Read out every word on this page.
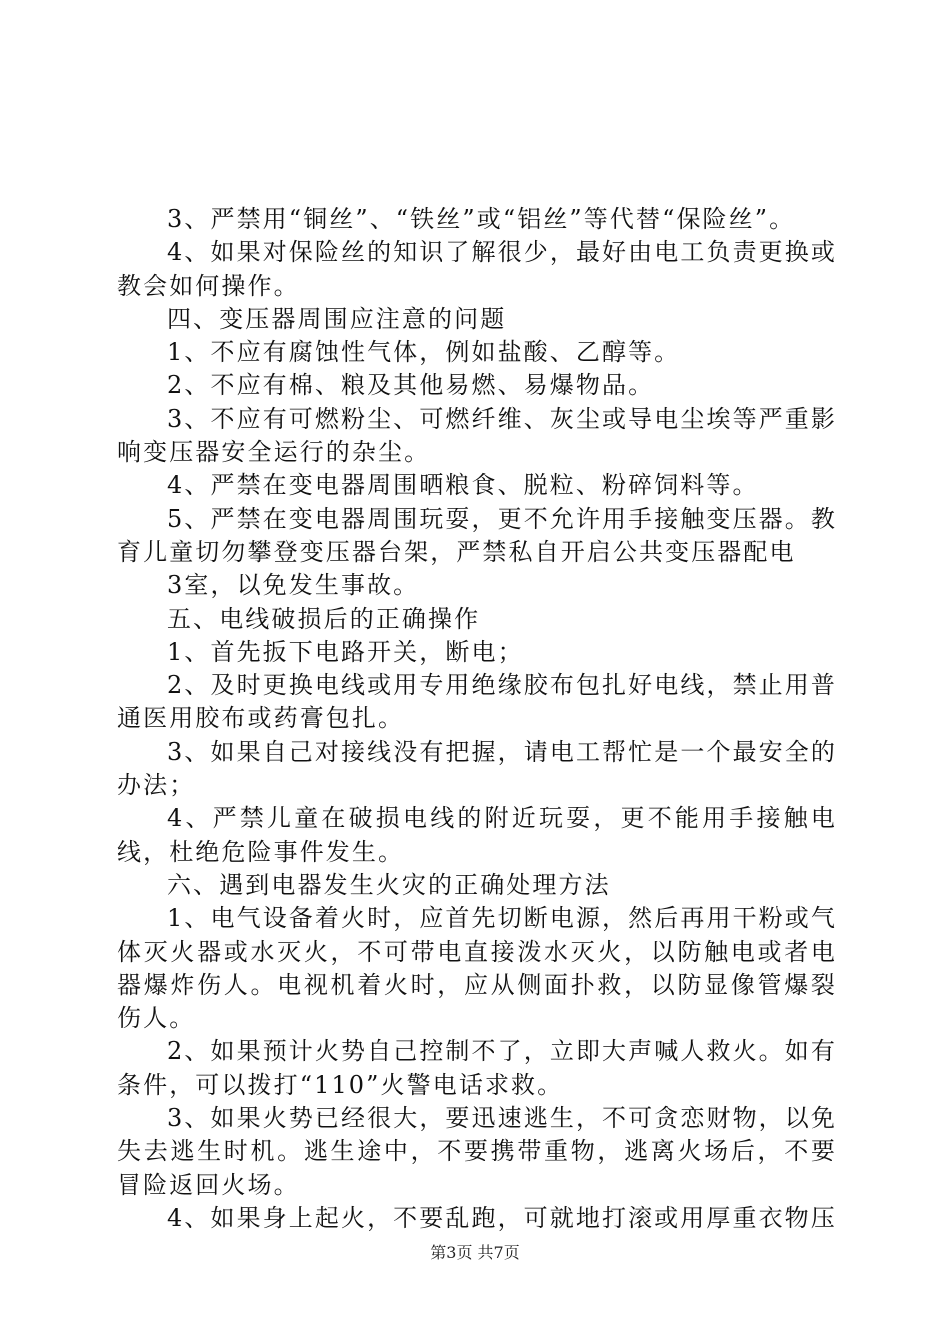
3、严禁用“铜丝”、“铁丝”或“铝丝”等代替“保险丝”。

4、如果对保险丝的知识了解很少，最好由电工负责更换或教会如何操作。

四、变压器周围应注意的问题

1、不应有腐蚀性气体，例如盐酸、乙醇等。

2、不应有棉、粮及其他易燃、易爆物品。

3、不应有可燃粉尘、可燃纤维、灰尘或导电尘埃等严重影响变压器安全运行的杂尘。

4、严禁在变电器周围晒粮食、脱粒、粉碎饲料等。

5、严禁在变电器周围玩耍，更不允许用手接触变压器。教育儿童切勿攀登变压器台架，严禁私自开启公共变压器配电

3室，以免发生事故。

五、电线破损后的正确操作

1、首先扳下电路开关，断电；

2、及时更换电线或用专用绝缘胶布包扎好电线，禁止用普通医用胶布或药膏包扎。

3、如果自己对接线没有把握，请电工帮忙是一个最安全的办法；

4、严禁儿童在破损电线的附近玩耍，更不能用手接触电线，杜绝危险事件发生。

六、遇到电器发生火灾的正确处理方法

1、电气设备着火时，应首先切断电源，然后再用干粉或气体灭火器或水灭火，不可带电直接泼水灭火，以防触电或者电器爆炸伤人。电视机着火时，应从侧面扑救，以防显像管爆裂伤人。

2、如果预计火势自己控制不了，立即大声喊人救火。如有条件，可以拨打“110”火警电话求救。

3、如果火势已经很大，要迅速逃生，不可贪恋财物，以免失去逃生时机。逃生途中，不要携带重物，逃离火场后，不要冒险返回火场。

4、如果身上起火，不要乱跑，可就地打滚或用厚重衣物压

第3页 共7页
